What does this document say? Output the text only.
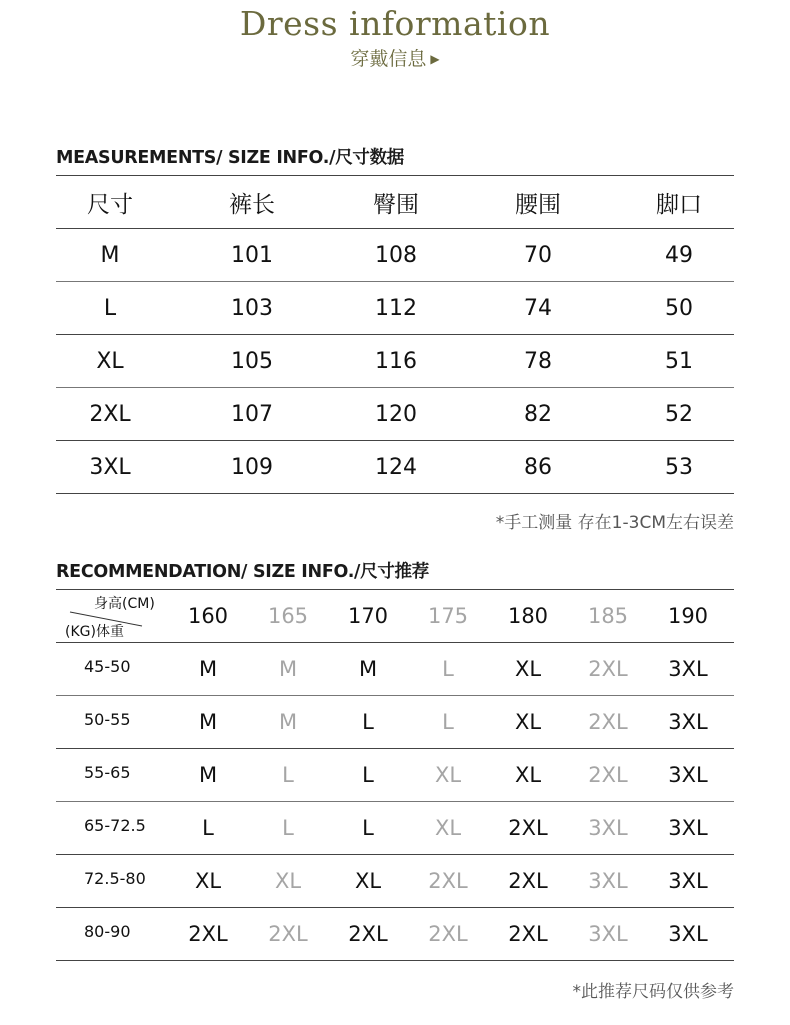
Dress information
穿戴信息 ▶
MEASUREMENTS/ SIZE INFO./尺寸数据
尺寸	裤长	臀围	腰围	脚口
M	101	108	70	49
L	103	112	74	50
XL	105	116	78	51
2XL	107	120	82	52
3XL	109	124	86	53
*手工测量 存在1-3CM左右误差
RECOMMENDATION/ SIZE INFO./尺寸推荐
身高(CM)
(KG)体重
160	165	170	175	180	185	190
45-50	M	M	M	L	XL	2XL	3XL
50-55	M	M	L	L	XL	2XL	3XL
55-65	M	L	L	XL	XL	2XL	3XL
65-72.5	L	L	L	XL	2XL	3XL	3XL
72.5-80	XL	XL	XL	2XL	2XL	3XL	3XL
80-90	2XL	2XL	2XL	2XL	2XL	3XL	3XL
*此推荐尺码仅供参考
